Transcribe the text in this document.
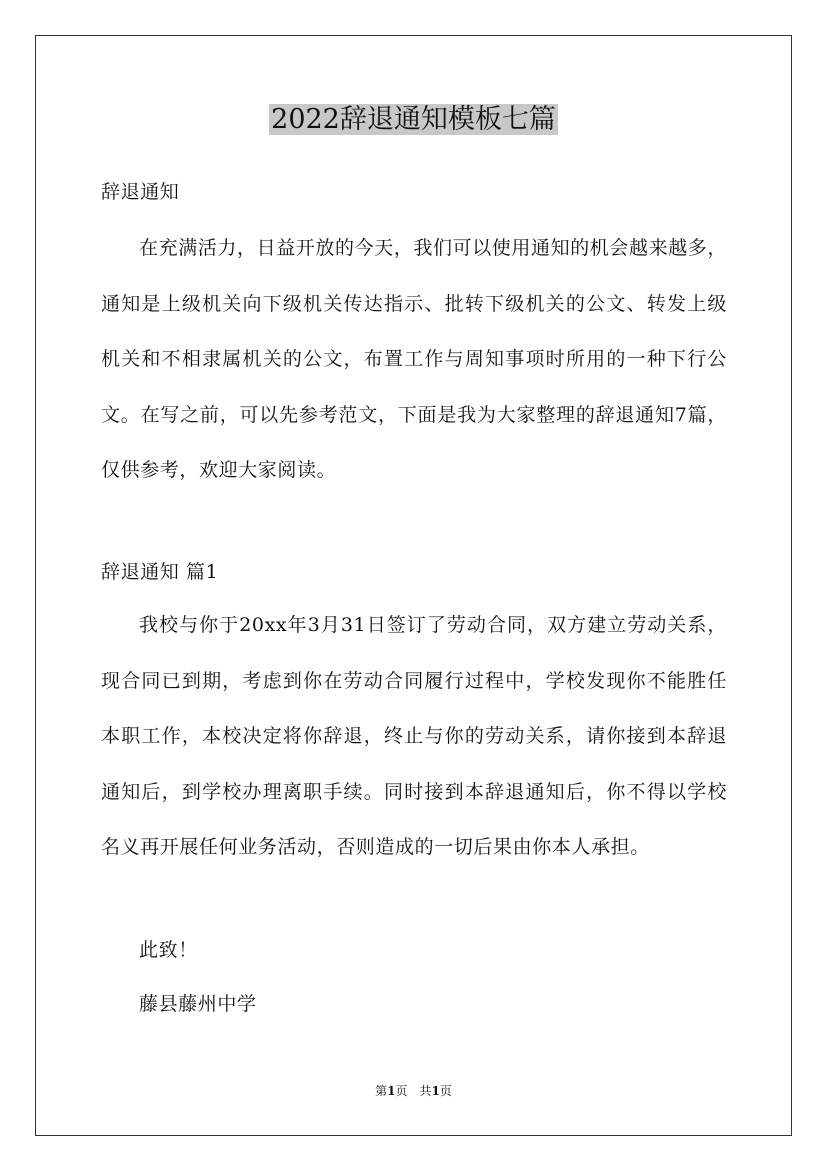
2022辞退通知模板七篇
辞退通知

在充满活力，日益开放的今天，我们可以使用通知的机会越来越多，通知是上级机关向下级机关传达指示、批转下级机关的公文、转发上级机关和不相隶属机关的公文，布置工作与周知事项时所用的一种下行公文。在写之前，可以先参考范文，下面是我为大家整理的辞退通知7篇，仅供参考，欢迎大家阅读。

辞退通知 篇1

我校与你于20xx年3月31日签订了劳动合同，双方建立劳动关系，现合同已到期，考虑到你在劳动合同履行过程中，学校发现你不能胜任本职工作，本校决定将你辞退，终止与你的劳动关系，请你接到本辞退通知后，到学校办理离职手续。同时接到本辞退通知后，你不得以学校名义再开展任何业务活动，否则造成的一切后果由你本人承担。

此致！
藤县藤州中学
第1页 共1页
